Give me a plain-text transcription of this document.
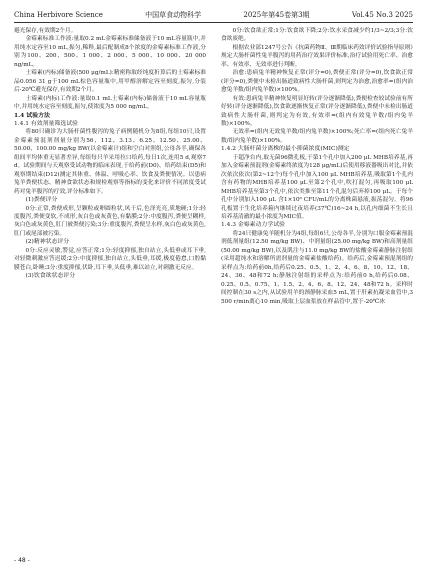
China Herbivore Science	中国草食动物科学	2025年第45卷第3期	Vol.45 No.3 2025

避光保存,有效期2个月。

金霉素标准工作液:量取0.2 mL金霉素标准储备液于10 mL容量瓶中,并用纯水定容至10 mL,振匀,稀释,最后配制成8个浓度的金霉素标准工作液,分别为100、200、500、1 000、2 000、5 000、10 000、20 000 ng/mL。

土霉素(内标)储备液(500 μg/mL):精密称取经纯度折算后的土霉素标准品0.056 31 g于100 mL棕色容量瓶中,用甲醇溶解定容至刻度,振匀,分装后-20℃避光保存,有效期2个月。

土霉素(内标)工作液:量取0.1 mL土霉素(内标)储备液于10 mL容量瓶中,并用纯水定容至刻度,振匀,使浓度为5 000 ng/mL。

1.4 试验方法
1.4.1 有效剂量筛选试验

将80只确诊为大肠杆菌性腹泻的兔子病例随机分为8组,每组10只,设置金霉素预混剂剂量分别为56、112、3.13、6.25、12.50、25.00、50.00、100.00 mg/kg BW(以金霉素计)组和空白对照组,公母各半,确保各组间平均体重无显著差异,每组每只羊采用拉口给药,每日1次,连用5 d,观察7 d。试验期间与天观察受试动物的临床表现,于给药前(D0)、给药结束(D5)和观察期结束(D12)测定其体重、体温、呼吸心率、饮食及粪便情况。以患病兔羊粪便状态、精神食欲状态和规检观察等指标的变化来评价不同浓度受试药对兔羊腹泻的疗效,评分标准如下。

(1)粪便评分

0分:正常,粪便成形,呈颗粒或卵圆粒状,风干后,色泽光亮,质地硬;1分:轻度腹泻,粪便变软,不成形,灰白色或灰黄色,有黏膜;2分:中度腹泻,粪便呈糊样,灰白色或灰黄色,肛门被粪便污染;3分:重度腹泻,粪便呈水样,灰白色或灰黄色,肛门或尾部被污染。

(2)精神状态评分

0分:反应灵敏,警觉,应答正常;1分:轻度抑郁,独自站立,头低垂或耳下垂,对轻微刺激应答迟缓;2分:中度抑郁,独自站立,头低垂,耳缓,极度倦怠,口腔黏膜苍白,卧睡;3分:重度抑郁,伏卧,耳下垂,头低垂,难以站立,对刺激无反应。

(3)饮食欲状态评分

0分:饮食欲正常;1分:饮食欲下降;2分:饮水采食减少约1/3~2/3;3分:饮食欲废绝。

根据农业部1247号公告《抗菌药物Ⅱ、Ⅲ期临床药效评价试验指导原则》规定大肠杆菌性兔羊腹泻的用药治疗效果评价标准,治疗试验用死亡率、治愈率、有效率、无效率进行判断。

治愈:患病兔羊精神恢复正常(评分=0),粪便正常(评分=0),饮食欲正常(评分=0),粪便中未检出肠道致病性大肠杆菌,则判定为治愈,治愈率=(组内治愈兔羊数/组内兔羊数)×100%。

有效:患病兔羊精神恢复明显好转(评分逐渐降低),粪便检查较试验前有所好转(评分逐渐降低),饮食欲逐渐恢复正常(评分逐渐降低),粪便中未检出肠道致病性大肠杆菌,则判定为有效,有效率=(组内有效兔羊数/组内兔羊数)×100%。

无效率=(组内无效兔羊数/组内兔羊数)×100%;死亡率=(组内死亡兔羊数/组内兔羊数)×100%。

1.4.2 大肠杆菌分离株的最小抑菌浓度(MIC)测定

于超净台内,取无菌96微孔板,于第1个孔中加入200 μL MHB培养基,再加入金霉素预混剂(金霉素终浓度为128 μg/mL)后使用移液器吸出对比,并依次依次依次(第2~12个)每个孔中加入100 μL MHB培养基,吸取第1个孔内含有药物的MHB培养基100 μL至第2个孔中,吹打混匀,再吸取100 μL MHB培养基至第3个孔中,依次类推至第11个孔混匀后弃掉100 μL。于每个孔中分别加入100 μL 含1×10⁶ CFU/mL的分离株菌悬液,振荡混匀。将96孔板置于生化培养箱内继续过夜培养(37℃)16~24 h,以孔内细菌不生长且培养基清澈的最小浓度为MIC值。

1.4.3 金霉素动力学试验

将24只健康兔羊随机分为4组,每组6只,公母各半,分别为口服金霉素预混剂低剂量组(12.50 mg/kg BW)、中剂量组(25.00 mg/kg BW)和高剂量组(50.00 mg/kg BW),以及肌注与11.0 mg/kg BW的盐酸金霉素静脉注射组(采用超纯水和溶解所需剂量的金霉素盐酸给药)。给药后,金霉素预混剂组的采样点为:给药前0h,给药后0.25、0.5、1、2、4、6、8、10、12、18、24、36、48和72 h;静脉注射组的采样点为:给药前0 h,给药后0.08、0.25、0.5、0.75、1、1.5、2、4、6、8、12、24、48和72 h。采样时间控制在30 s之内,从试验用羊的颈静脉采血5 mL,置于肝素抗凝采血管中,3 500 r/min离心10 min,吸取上层血浆放在样品管中,置于-20℃冰

- 48 -
